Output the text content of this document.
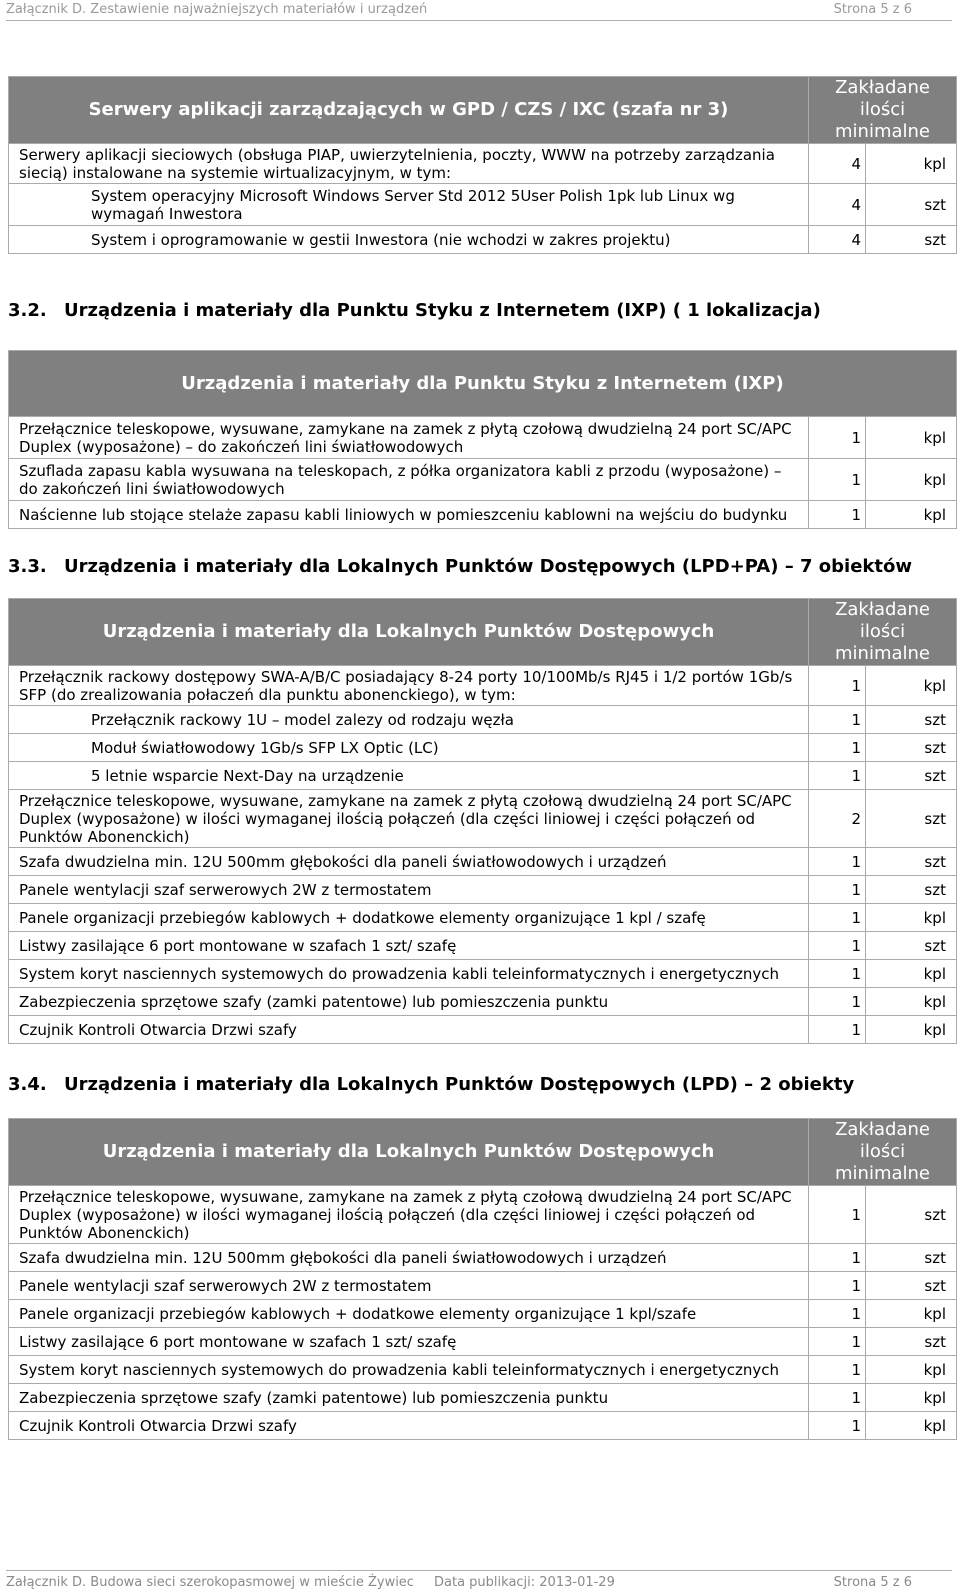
Załącznik D. Zestawienie najważniejszych materiałów i urządzeń	Strona 5 z 6
Serwery aplikacji zarządzających w GPD / CZS / IXC (szafa nr 3)	Zakładane
ilości
minimalne	

Serwery aplikacji sieciowych (obsługa PIAP, uwierzytelnienia, poczty, WWW na potrzeby zarządzania siecią) instalowane na systemie wirtualizacyjnym, w tym:	4	kpl
System operacyjny Microsoft Windows Server Std 2012 5User Polish 1pk lub Linux wg wymagań Inwestora	4	szt
System i oprogramowanie w gestii Inwestora (nie wchodzi w zakres projektu)	4	szt
3.2. Urządzenia i materiały dla Punktu Styku z Internetem (IXP) ( 1 lokalizacja)
Urządzenia i materiały dla Punktu Styku z Internetem (IXP)		
Przełącznice teleskopowe, wysuwane, zamykane na zamek z płytą czołową dwudzielną 24 port SC/APC Duplex (wyposażone) – do zakończeń lini światłowodowych	1	kpl
Szuflada zapasu kabla wysuwana na teleskopach, z półka organizatora kabli z przodu (wyposażone) – do zakończeń lini światłowodowych	1	kpl
Naścienne lub stojące stelaże zapasu kabli liniowych w pomieszceniu kablowni na wejściu do budynku	1	kpl
3.3. Urządzenia i materiały dla Lokalnych Punktów Dostępowych (LPD+PA) – 7 obiektów
Urządzenia i materiały dla Lokalnych Punktów Dostępowych	Zakładane
ilości
minimalne	

Przełącznik rackowy dostępowy SWA-A/B/C posiadający 8-24 porty 10/100Mb/s RJ45 i 1/2 portów 1Gb/s SFP (do zrealizowania połaczeń dla punktu abonenckiego), w tym:	1	kpl
Przełącznik rackowy 1U – model zalezy od rodzaju węzła	1	szt
Moduł światłowodowy 1Gb/s SFP LX Optic (LC)	1	szt
5 letnie wsparcie Next-Day na urządzenie	1	szt
Przełącznice teleskopowe, wysuwane, zamykane na zamek z płytą czołową dwudzielną 24 port SC/APC Duplex (wyposażone) w ilości wymaganej ilością połączeń (dla części liniowej i części połączeń od Punktów Abonenckich)	2	szt
Szafa dwudzielna min. 12U 500mm głębokości dla paneli światłowodowych i urządzeń	1	szt
Panele wentylacji szaf serwerowych 2W z termostatem	1	szt
Panele organizacji przebiegów kablowych + dodatkowe elementy organizujące 1 kpl / szafę	1	kpl
Listwy zasilające 6 port montowane w szafach 1 szt/ szafę	1	szt
System koryt nasciennych systemowych do prowadzenia kabli teleinformatycznych i energetycznych	1	kpl
Zabezpieczenia sprzętowe szafy (zamki patentowe) lub pomieszczenia punktu	1	kpl
Czujnik Kontroli Otwarcia Drzwi szafy	1	kpl
3.4. Urządzenia i materiały dla Lokalnych Punktów Dostępowych (LPD) – 2 obiekty
Urządzenia i materiały dla Lokalnych Punktów Dostępowych	Zakładane
ilości
minimalne	

Przełącznice teleskopowe, wysuwane, zamykane na zamek z płytą czołową dwudzielną 24 port SC/APC Duplex (wyposażone) w ilości wymaganej ilością połączeń (dla części liniowej i części połączeń od Punktów Abonenckich)	1	szt
Szafa dwudzielna min. 12U 500mm głębokości dla paneli światłowodowych i urządzeń	1	szt
Panele wentylacji szaf serwerowych 2W z termostatem	1	szt
Panele organizacji przebiegów kablowych + dodatkowe elementy organizujące 1 kpl/szafe	1	kpl
Listwy zasilające 6 port montowane w szafach 1 szt/ szafę	1	szt
System koryt nasciennych systemowych do prowadzenia kabli teleinformatycznych i energetycznych	1	kpl
Zabezpieczenia sprzętowe szafy (zamki patentowe) lub pomieszczenia punktu	1	kpl
Czujnik Kontroli Otwarcia Drzwi szafy	1	kpl
Załącznik D. Budowa sieci szerokopasmowej w mieście Żywiec Data publikacji: 2013-01-29	Strona 5 z 6
